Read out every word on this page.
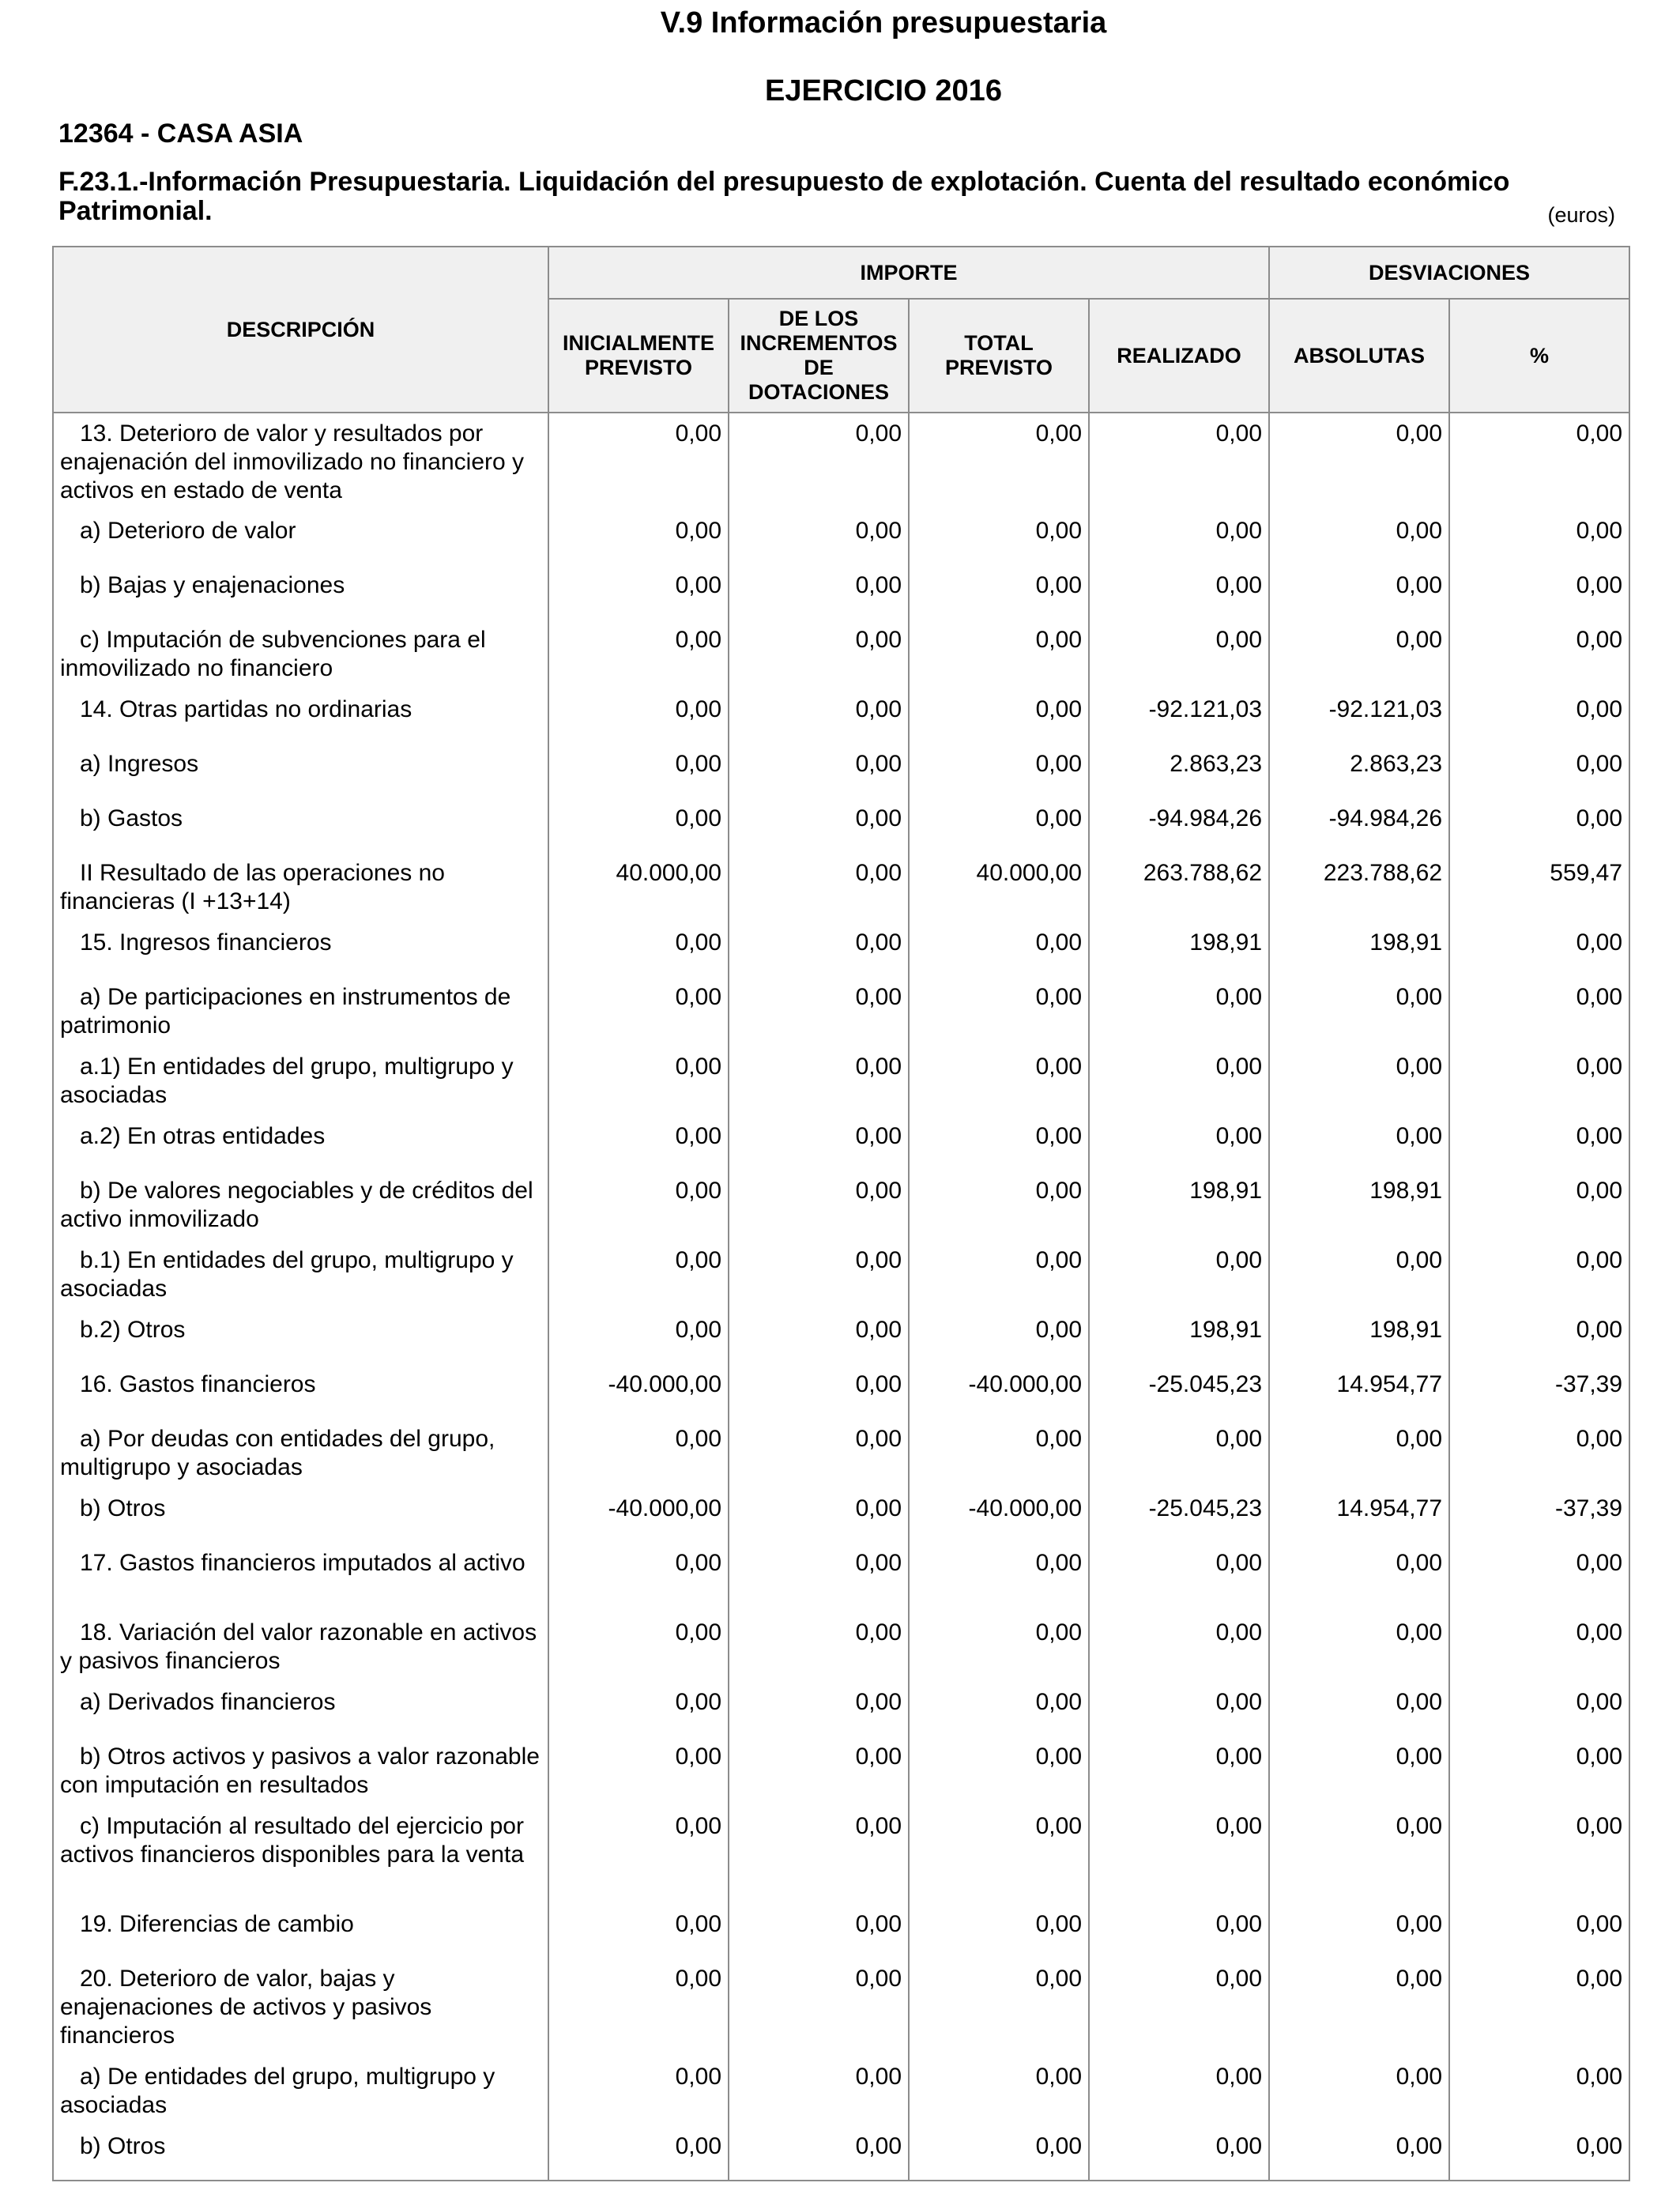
V.9 Información presupuestaria
EJERCICIO 2016
12364 - CASA ASIA
F.23.1.-Información Presupuestaria. Liquidación del presupuesto de explotación. Cuenta del resultado económico Patrimonial.	(euros)
DESCRIPCIÓN	IMPORTE				DESVIACIONES	
	INICIALMENTE PREVISTO	DE LOS INCREMENTOS DE DOTACIONES	TOTAL PREVISTO	REALIZADO	ABSOLUTAS	%
13. Deterioro de valor y resultados por enajenación del inmovilizado no financiero y activos en estado de venta	0,00	0,00	0,00	0,00	0,00	0,00
a) Deterioro de valor	0,00	0,00	0,00	0,00	0,00	0,00
b) Bajas y enajenaciones	0,00	0,00	0,00	0,00	0,00	0,00
c) Imputación de subvenciones para el inmovilizado no financiero	0,00	0,00	0,00	0,00	0,00	0,00
14. Otras partidas no ordinarias	0,00	0,00	0,00	-92.121,03	-92.121,03	0,00
a) Ingresos	0,00	0,00	0,00	2.863,23	2.863,23	0,00
b) Gastos	0,00	0,00	0,00	-94.984,26	-94.984,26	0,00
II Resultado de las operaciones no financieras (I +13+14)	40.000,00	0,00	40.000,00	263.788,62	223.788,62	559,47
15. Ingresos financieros	0,00	0,00	0,00	198,91	198,91	0,00
a) De participaciones en instrumentos de patrimonio	0,00	0,00	0,00	0,00	0,00	0,00
a.1) En entidades del grupo, multigrupo y asociadas	0,00	0,00	0,00	0,00	0,00	0,00
a.2) En otras entidades	0,00	0,00	0,00	0,00	0,00	0,00
b) De valores negociables y de créditos del activo inmovilizado	0,00	0,00	0,00	198,91	198,91	0,00
b.1) En entidades del grupo, multigrupo y asociadas	0,00	0,00	0,00	0,00	0,00	0,00
b.2) Otros	0,00	0,00	0,00	198,91	198,91	0,00
16. Gastos financieros	-40.000,00	0,00	-40.000,00	-25.045,23	14.954,77	-37,39
a) Por deudas con entidades del grupo, multigrupo y asociadas	0,00	0,00	0,00	0,00	0,00	0,00
b) Otros	-40.000,00	0,00	-40.000,00	-25.045,23	14.954,77	-37,39
17. Gastos financieros imputados al activo	0,00	0,00	0,00	0,00	0,00	0,00
18. Variación del valor razonable en activos y pasivos financieros	0,00	0,00	0,00	0,00	0,00	0,00
a) Derivados financieros	0,00	0,00	0,00	0,00	0,00	0,00
b) Otros activos y pasivos a valor razonable con imputación en resultados	0,00	0,00	0,00	0,00	0,00	0,00
c) Imputación al resultado del ejercicio por activos financieros disponibles para la venta	0,00	0,00	0,00	0,00	0,00	0,00
19. Diferencias de cambio	0,00	0,00	0,00	0,00	0,00	0,00
20. Deterioro de valor, bajas y enajenaciones de activos y pasivos financieros	0,00	0,00	0,00	0,00	0,00	0,00
a) De entidades del grupo, multigrupo y asociadas	0,00	0,00	0,00	0,00	0,00	0,00
b) Otros	0,00	0,00	0,00	0,00	0,00	0,00
